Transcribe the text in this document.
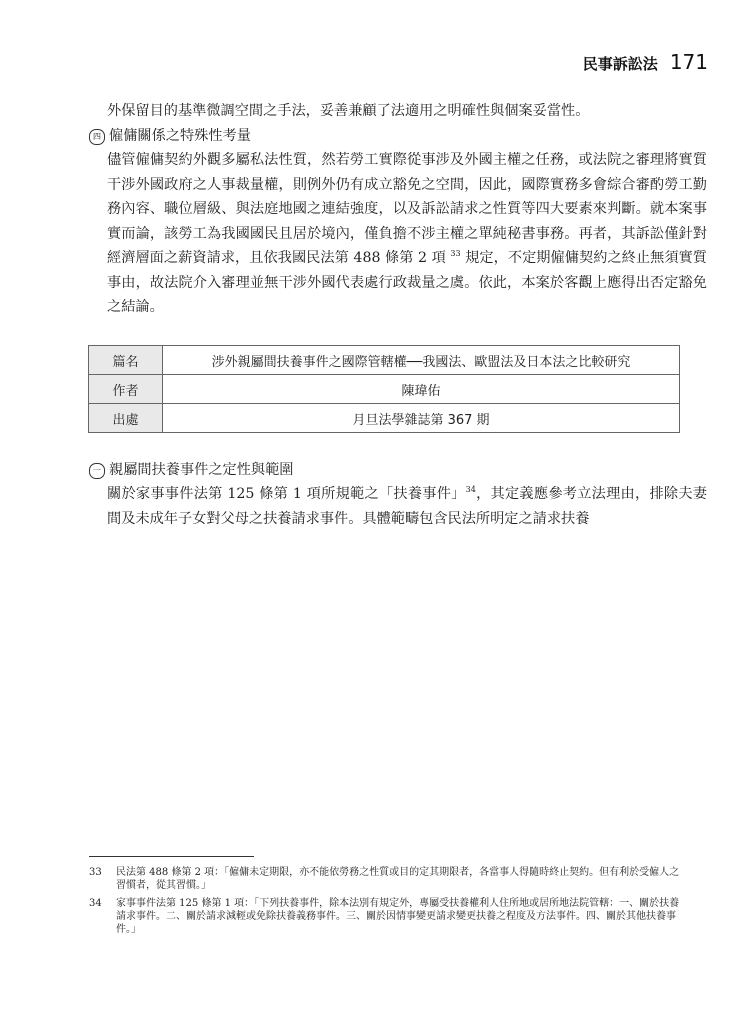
民事訴訟法 171
外保留目的基準微調空間之手法，妥善兼顧了法適用之明確性與個案妥當性。
四 僱傭關係之特殊性考量
儘管僱傭契約外觀多屬私法性質，然若勞工實際從事涉及外國主權之任務，或法院之審理將實質干涉外國政府之人事裁量權，則例外仍有成立豁免之空間，因此，國際實務多會綜合審酌勞工勤務內容、職位層級、與法庭地國之連結強度，以及訴訟請求之性質等四大要素來判斷。就本案事實而論，該勞工為我國國民且居於境內，僅負擔不涉主權之單純秘書事務。再者，其訴訟僅針對經濟層面之薪資請求，且依我國民法第 488 條第 2 項 $^{33}$ 規定，不定期僱傭契約之終止無須實質事由，故法院介入審理並無干涉外國代表處行政裁量之虞。依此，本案於客觀上應得出否定豁免之結論。
篇名	涉外親屬間扶養事件之國際管轄權──我國法、歐盟法及日本法之比較研究
作者	陳瑋佑
出處	月旦法學雜誌第 367 期
一 親屬間扶養事件之定性與範圍
關於家事事件法第 125 條第 1 項所規範之「扶養事件」$^{34}$，其定義應參考立法理由，排除夫妻間及未成年子女對父母之扶養請求事件。具體範疇包含民法所明定之請求扶養
33	民法第 488 條第 2 項：「僱傭未定期限，亦不能依勞務之性質或目的定其期限者，各當事人得隨時終止契約。但有利於受僱人之習慣者，從其習慣。」
34	家事事件法第 125 條第 1 項：「下列扶養事件，除本法別有規定外，專屬受扶養權利人住所地或居所地法院管轄：一、關於扶養請求事件。二、關於請求減輕或免除扶養義務事件。三、關於因情事變更請求變更扶養之程度及方法事件。四、關於其他扶養事件。」
